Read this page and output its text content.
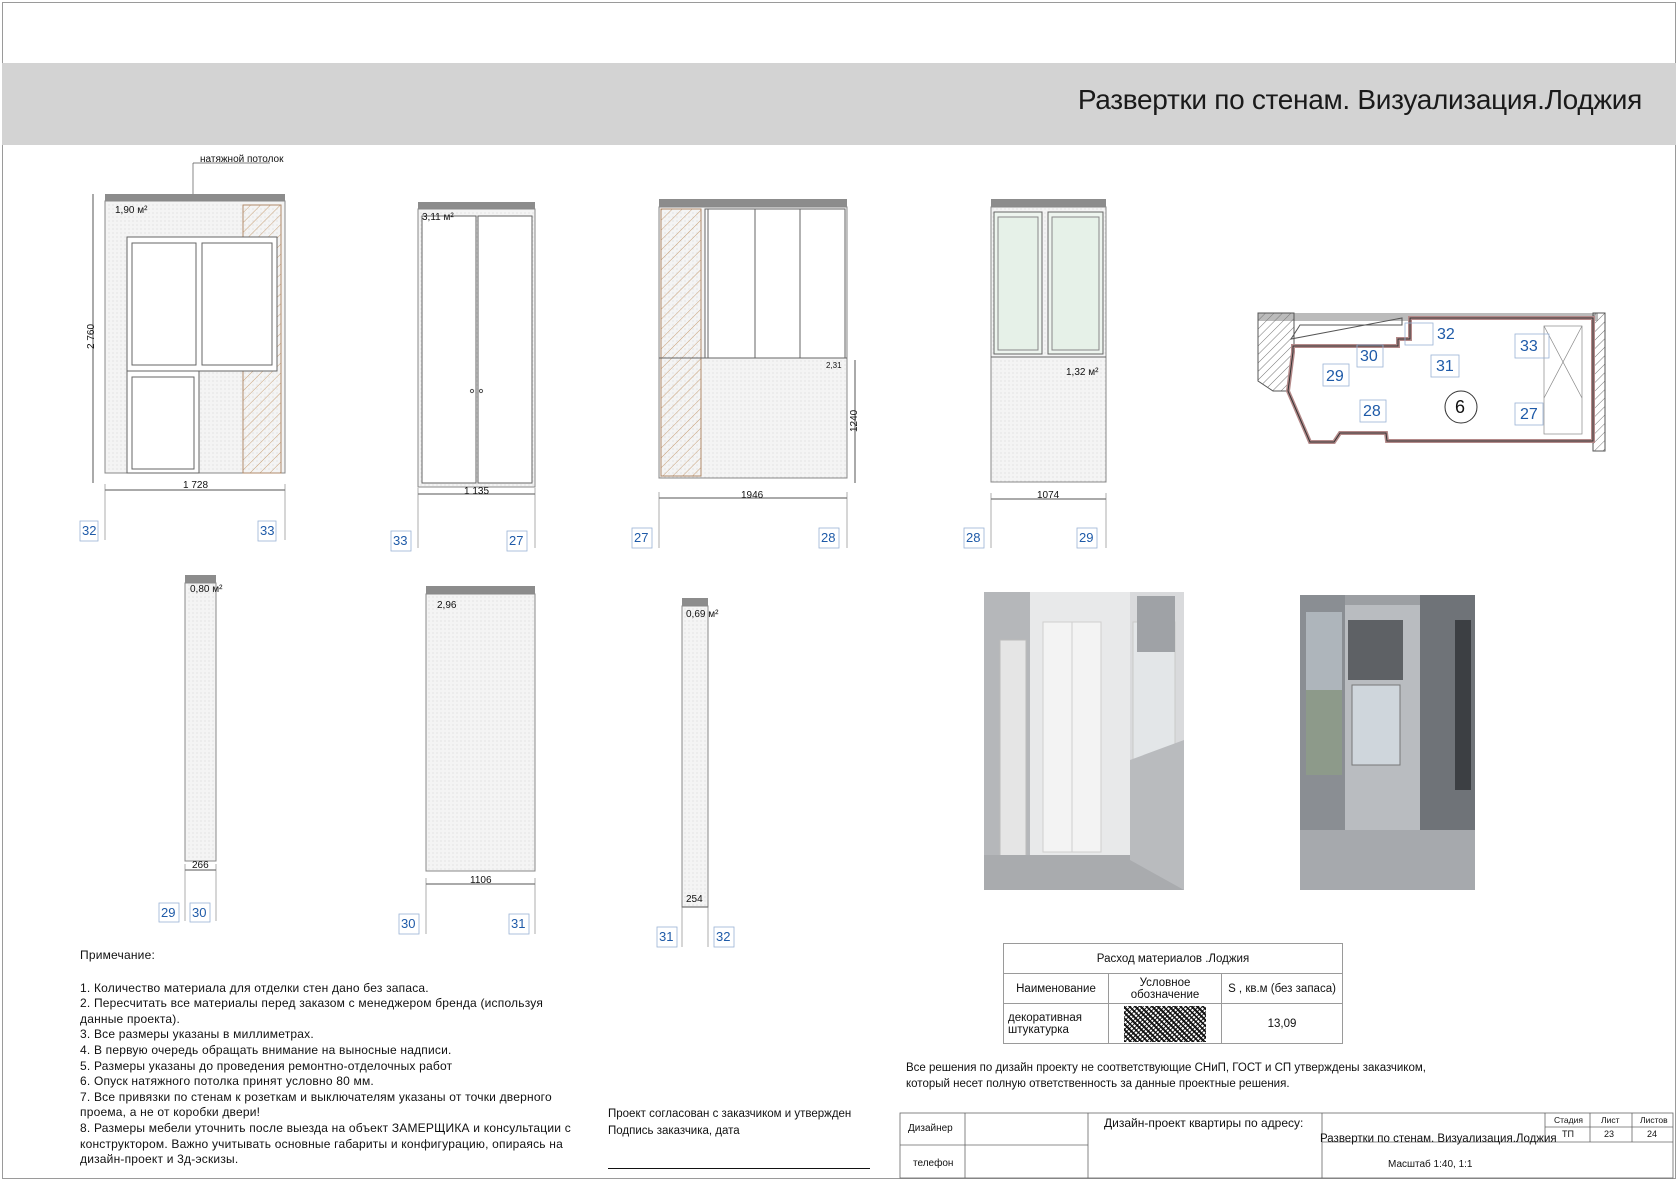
Развертки по стенам. Визуализация.Лоджия
натяжной потолок
1,90 м²
2 760
1 728
32	33
3,11 м²
1 135
33	27
2,31
1240
1946
27	28
1,32 м²
1074
28	29
32
33
30
31
29
28	27
6
0,80 м²
266
29 30
2,96
1106
30	31
0,69 м²
254
31	32
Примечание:
1. Количество материала для отделки стен дано без запаса.
2. Пересчитать все материалы перед заказом с менеджером бренда (используя данные проекта).
3. Все размеры указаны в миллиметрах.
4. В первую очередь обращать внимание на выносные надписи.
5. Размеры указаны до проведения ремонтно-отделочных работ
6. Опуск натяжного потолка принят условно 80 мм.
7. Все привязки по стенам к розеткам и выключателям указаны от точки дверного проема, а не от коробки двери!
8. Размеры мебели уточнить после выезда на объект ЗАМЕРЩИКА и консультации с конструктором. Важно учитывать основные габариты и конфигурацию, опираясь на дизайн-проект и 3д-эскизы.
Проект согласован с заказчиком и утвержден
Подпись заказчика, дата
Расход материалов .Лоджия		
Наименование	Условное обозначение	S , кв.м (без запаса)
декоративная штукатурка		13,09
Все решения по дизайн проекту не соответствующие СНиП, ГОСТ и СП утверждены заказчиком,
который несет полную ответственность за данные проектные решения.
Дизайнер
телефон
Дизайн-проект квартиры по адресу:
Развертки по стенам. Визуализация.Лоджия
Масштаб 1:40, 1:1
Стадия Лист Листов
ТП	23	24
